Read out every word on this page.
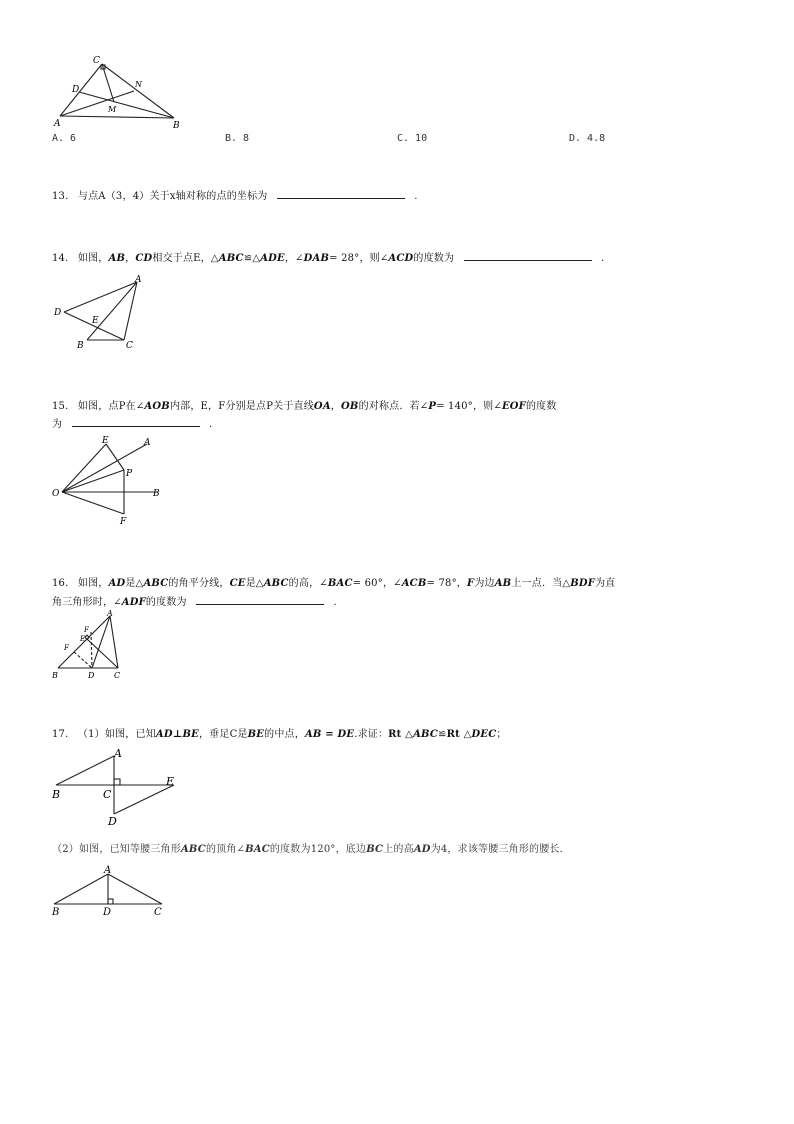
C
N
D
M
A	B
A. 6	B. 8	C. 10	D. 4.8
13. 与点A（3，4）关于x轴对称的点的坐标为	.
14. 如图，AB，CD相交于点E，△ABC≌△ADE，∠DAB= 28°，则∠ACD的度数为	.
A
D
E
B	C
15. 如图，点P在∠AOB内部，E，F分别是点P关于直线OA，OB的对称点．若∠P= 140°，则∠EOF的度数
为	.
E	A
P
O	B
F
16. 如图，AD是△ABC的角平分线，CE是△ABC的高，∠BAC= 60°，∠ACB= 78°，F为边AB上一点．当△BDF为直
角三角形时，∠ADF的度数为	.
A
F
E
F
B	D C
17. （1）如图，已知AD⊥BE，垂足C是BE的中点，AB = DE.求证：Rt △ABC≌Rt △DEC；
A
E
B	C
D
（2）如图，已知等腰三角形ABC的顶角∠BAC的度数为120°，底边BC上的高AD为4，求该等腰三角形的腰长．
A
B	D	C
